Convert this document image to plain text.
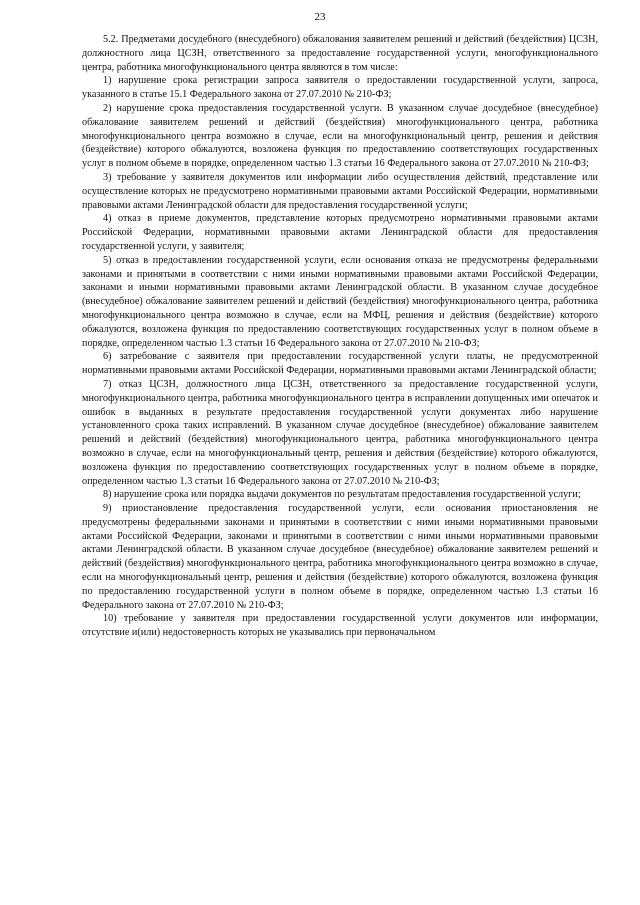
23

5.2. Предметами досудебного (внесудебного) обжалования заявителем решений и действий (бездействия) ЦСЗН, должностного лица ЦСЗН, ответственного за предоставление государственной услуги, многофункционального центра, работника многофункционального центра являются в том числе:

1) нарушение срока регистрации запроса заявителя о предоставлении государственной услуги, запроса, указанного в статье 15.1 Федерального закона от 27.07.2010 № 210-ФЗ;

2) нарушение срока предоставления государственной услуги. В указанном случае досудебное (внесудебное) обжалование заявителем решений и действий (бездействия) многофункционального центра, работника многофункционального центра возможно в случае, если на многофункциональный центр, решения и действия (бездействие) которого обжалуются, возложена функция по предоставлению соответствующих государственных услуг в полном объеме в порядке, определенном частью 1.3 статьи 16 Федерального закона от 27.07.2010 № 210-ФЗ;

3) требование у заявителя документов или информации либо осуществления действий, представление или осуществление которых не предусмотрено нормативными правовыми актами Российской Федерации, нормативными правовыми актами Ленинградской области для предоставления государственной услуги;

4) отказ в приеме документов, представление которых предусмотрено нормативными правовыми актами Российской Федерации, нормативными правовыми актами Ленинградской области для предоставления государственной услуги, у заявителя;

5) отказ в предоставлении государственной услуги, если основания отказа не предусмотрены федеральными законами и принятыми в соответствии с ними иными нормативными правовыми актами Российской Федерации, законами и иными нормативными правовыми актами Ленинградской области. В указанном случае досудебное (внесудебное) обжалование заявителем решений и действий (бездействия) многофункционального центра, работника многофункционального центра возможно в случае, если на МФЦ, решения и действия (бездействие) которого обжалуются, возложена функция по предоставлению соответствующих государственных услуг в полном объеме в порядке, определенном частью 1.3 статьи 16 Федерального закона от 27.07.2010 № 210-ФЗ;

6) затребование с заявителя при предоставлении государственной услуги платы, не предусмотренной нормативными правовыми актами Российской Федерации, нормативными правовыми актами Ленинградской области;

7) отказ ЦСЗН, должностного лица ЦСЗН, ответственного за предоставление государственной услуги, многофункционального центра, работника многофункционального центра в исправлении допущенных ими опечаток и ошибок в выданных в результате предоставления государственной услуги документах либо нарушение установленного срока таких исправлений. В указанном случае досудебное (внесудебное) обжалование заявителем решений и действий (бездействия) многофункционального центра, работника многофункционального центра возможно в случае, если на многофункциональный центр, решения и действия (бездействие) которого обжалуются, возложена функция по предоставлению соответствующих государственных услуг в полном объеме в порядке, определенном частью 1.3 статьи 16 Федерального закона от 27.07.2010 № 210-ФЗ;

8) нарушение срока или порядка выдачи документов по результатам предоставления государственной услуги;

9) приостановление предоставления государственной услуги, если основания приостановления не предусмотрены федеральными законами и принятыми в соответствии с ними иными нормативными правовыми актами Российской Федерации, законами и принятыми в соответствии с ними иными нормативными правовыми актами Ленинградской области. В указанном случае досудебное (внесудебное) обжалование заявителем решений и действий (бездействия) многофункционального центра, работника многофункционального центра возможно в случае, если на многофункциональный центр, решения и действия (бездействие) которого обжалуются, возложена функция по предоставлению государственной услуги в полном объеме в порядке, определенном частью 1.3 статьи 16 Федерального закона от 27.07.2010 № 210-ФЗ;

10) требование у заявителя при предоставлении государственной услуги документов или информации, отсутствие и(или) недостоверность которых не указывались при первоначальном
